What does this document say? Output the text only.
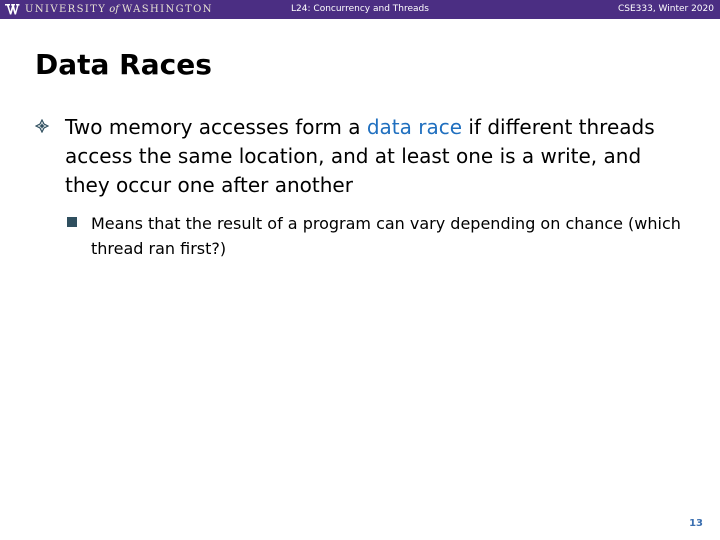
UNIVERSITY of WASHINGTON	L24: Concurrency and Threads	CSE333, Winter 2020
Data Races
Two memory accesses form a data race if different threads access the same location, and at least one is a write, and they occur one after another
Means that the result of a program can vary depending on chance (which thread ran first?)
13
